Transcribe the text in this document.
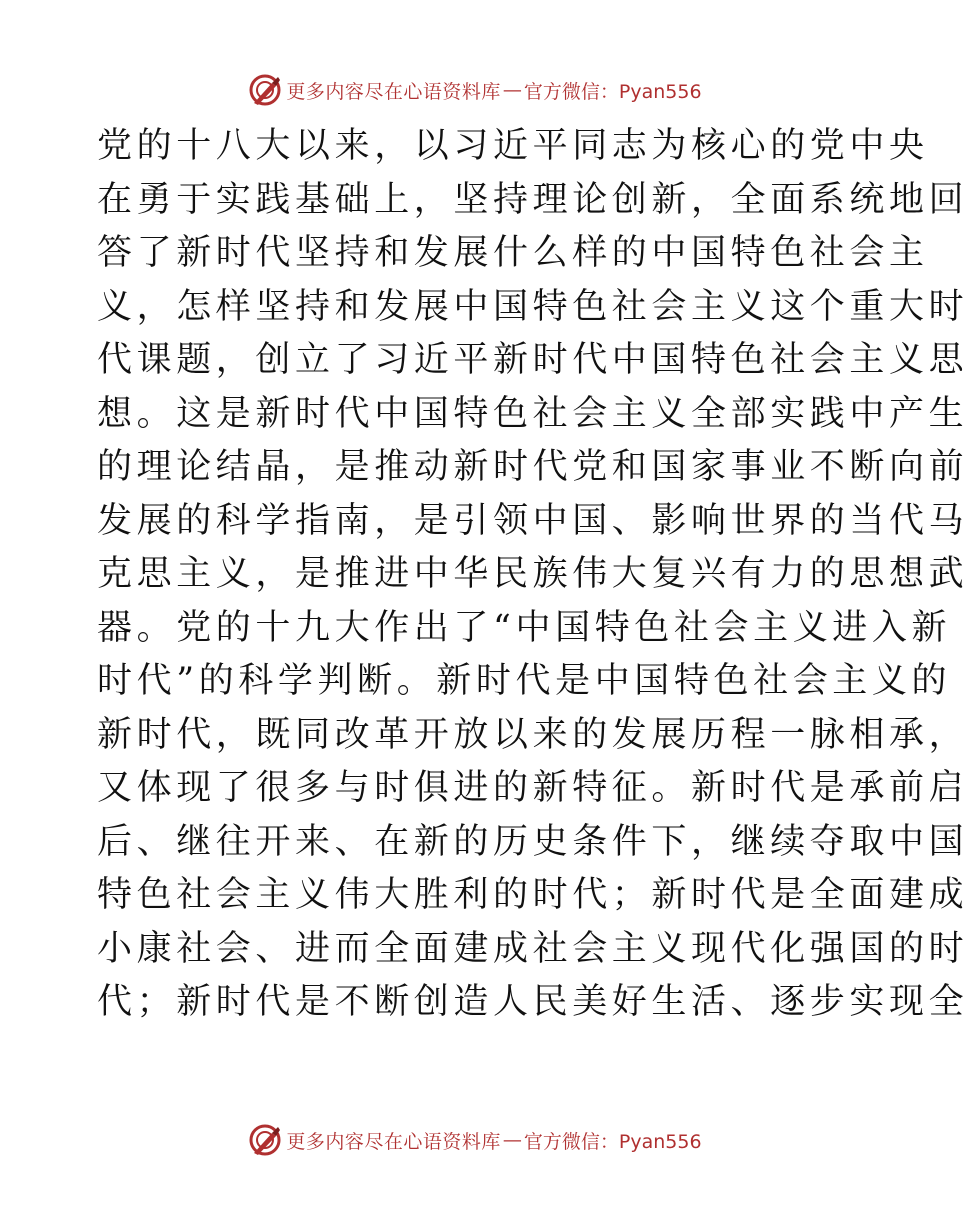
更多内容尽在心语资料库 — 官方微信：Pyan556
党的十八大以来，以习近平同志为核心的党中央
在勇于实践基础上，坚持理论创新，全面系统地回
答了新时代坚持和发展什么样的中国特色社会主
义，怎样坚持和发展中国特色社会主义这个重大时
代课题，创立了习近平新时代中国特色社会主义思
想。这是新时代中国特色社会主义全部实践中产生
的理论结晶，是推动新时代党和国家事业不断向前
发展的科学指南，是引领中国、影响世界的当代马
克思主义，是推进中华民族伟大复兴有力的思想武
器。党的十九大作出了“中国特色社会主义进入新
时代”的科学判断。新时代是中国特色社会主义的
新时代，既同改革开放以来的发展历程一脉相承，
又体现了很多与时俱进的新特征。新时代是承前启
后、继往开来、在新的历史条件下，继续夺取中国
特色社会主义伟大胜利的时代；新时代是全面建成
小康社会、进而全面建成社会主义现代化强国的时
代；新时代是不断创造人民美好生活、逐步实现全
更多内容尽在心语资料库 — 官方微信：Pyan556
